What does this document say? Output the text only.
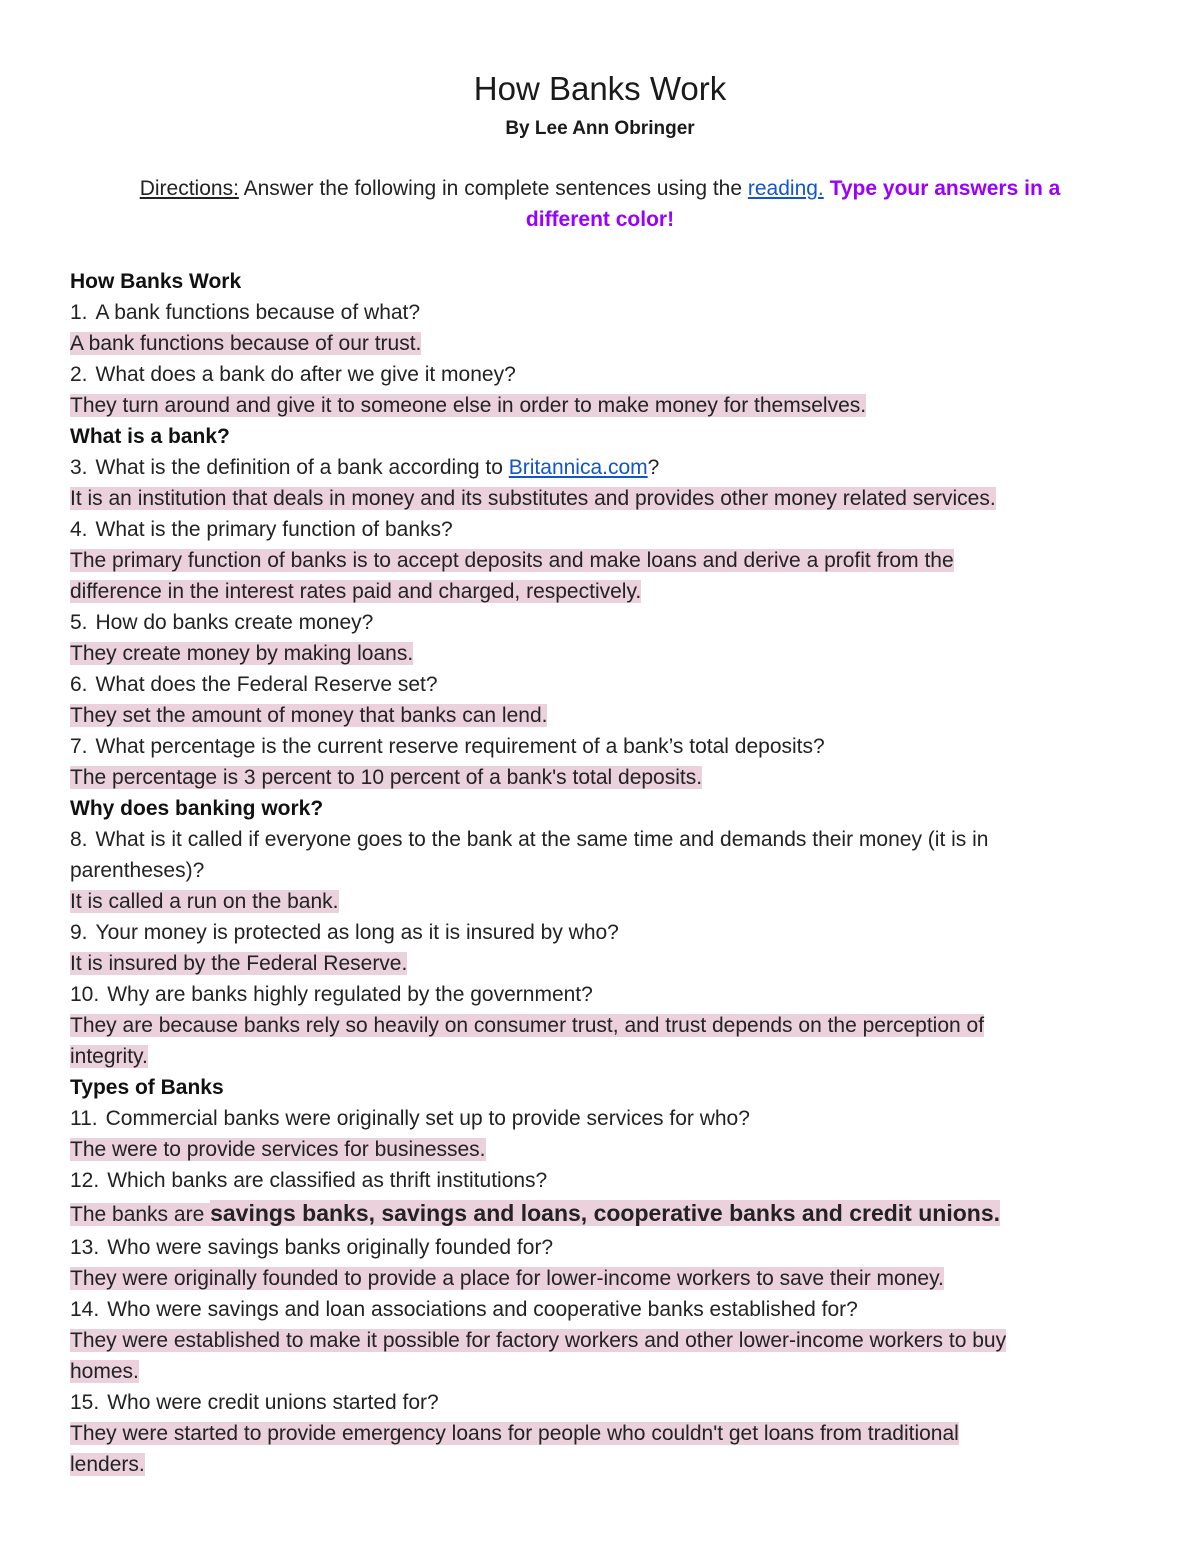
How Banks Work
By Lee Ann Obringer
Directions: Answer the following in complete sentences using the reading. Type your answers in a
different color!
How Banks Work
1. A bank functions because of what?
A bank functions because of our trust.
2. What does a bank do after we give it money?
They turn around and give it to someone else in order to make money for themselves.
What is a bank?
3. What is the definition of a bank according to Britannica.com?
It is an institution that deals in money and its substitutes and provides other money related services.
4. What is the primary function of banks?
The primary function of banks is to accept deposits and make loans and derive a profit from the
difference in the interest rates paid and charged, respectively.
5. How do banks create money?
They create money by making loans.
6. What does the Federal Reserve set?
They set the amount of money that banks can lend.
7. What percentage is the current reserve requirement of a bank’s total deposits?
The percentage is 3 percent to 10 percent of a bank's total deposits.
Why does banking work?
8. What is it called if everyone goes to the bank at the same time and demands their money (it is in
parentheses)?
It is called a run on the bank.
9. Your money is protected as long as it is insured by who?
It is insured by the Federal Reserve.
10. Why are banks highly regulated by the government?
They are because banks rely so heavily on consumer trust, and trust depends on the perception of
integrity.
Types of Banks
11. Commercial banks were originally set up to provide services for who?
The were to provide services for businesses.
12. Which banks are classified as thrift institutions?
The banks are savings banks, savings and loans, cooperative banks and credit unions.
13. Who were savings banks originally founded for?
They were originally founded to provide a place for lower-income workers to save their money.
14. Who were savings and loan associations and cooperative banks established for?
They were established to make it possible for factory workers and other lower-income workers to buy
homes.
15. Who were credit unions started for?
They were started to provide emergency loans for people who couldn't get loans from traditional
lenders.
